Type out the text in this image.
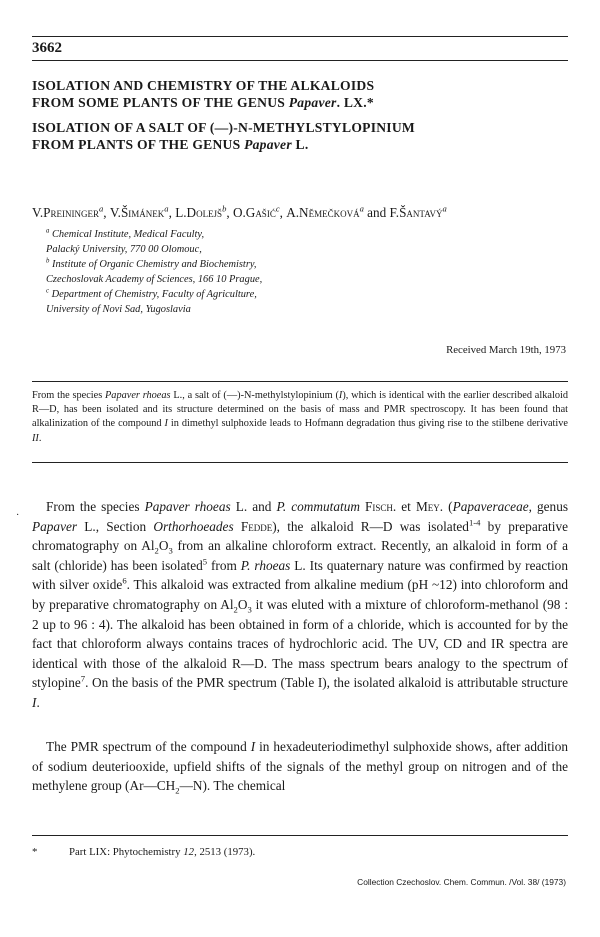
3662
ISOLATION AND CHEMISTRY OF THE ALKALOIDS
FROM SOME PLANTS OF THE GENUS Papaver. LX.*
ISOLATION OF A SALT OF (—)-N-METHYLSTYLOPINIUM
FROM PLANTS OF THE GENUS Papaver L.
V.Preininger$^a$, V.Šimánek$^a$, L.Dolejš$^b$, O.Gašić$^c$, A.Němečková$^a$ and F.Šantavý$^a$
$^a$ Chemical Institute, Medical Faculty,
Palacký University, 770 00 Olomouc,
$^b$ Institute of Organic Chemistry and Biochemistry,
Czechoslovak Academy of Sciences, 166 10 Prague,
$^c$ Department of Chemistry, Faculty of Agriculture,
University of Novi Sad, Yugoslavia
Received March 19th, 1973
From the species Papaver rhoeas L., a salt of (—)-N-methylstylopinium (I), which is identical with the earlier described alkaloid R—D, has been isolated and its structure determined on the basis of mass and PMR spectroscopy. It has been found that alkalinization of the compound I in dimethyl sulphoxide leads to Hofmann degradation thus giving rise to the stilbene derivative II.
·
From the species Papaver rhoeas L. and P. commutatum Fisch. et Mey. (Papaveraceae, genus Papaver L., Section Orthorhoeades Fedde), the alkaloid R—D was isolated$^{1-4}$ by preparative chromatography on $Al_2O_3$ from an alkaline chloroform extract. Recently, an alkaloid in form of a salt (chloride) has been isolated$^5$ from P. rhoeas L. Its quaternary nature was confirmed by reaction with silver oxide$^6$. This alkaloid was extracted from alkaline medium (pH ~12) into chloroform and by preparative chromatography on $Al_2O_3$ it was eluted with a mixture of chloroform-methanol (98 : 2 up to 96 : 4). The alkaloid has been obtained in form of a chloride, which is accounted for by the fact that chloroform always contains traces of hydrochloric acid. The UV, CD and IR spectra are identical with those of the alkaloid R—D. The mass spectrum bears analogy to the spectrum of stylopine$^7$. On the basis of the PMR spectrum (Table I), the isolated alkaloid is attributable structure I.
The PMR spectrum of the compound I in hexadeuteriodimethyl sulphoxide shows, after addition of sodium deuteriooxide, upfield shifts of the signals of the methyl group on nitrogen and of the methylene group $(Ar—CH_2—N)$. The chemical
*	Part LIX: Phytochemistry 12, 2513 (1973).
Collection Czechoslov. Chem. Commun. /Vol. 38/ (1973)
